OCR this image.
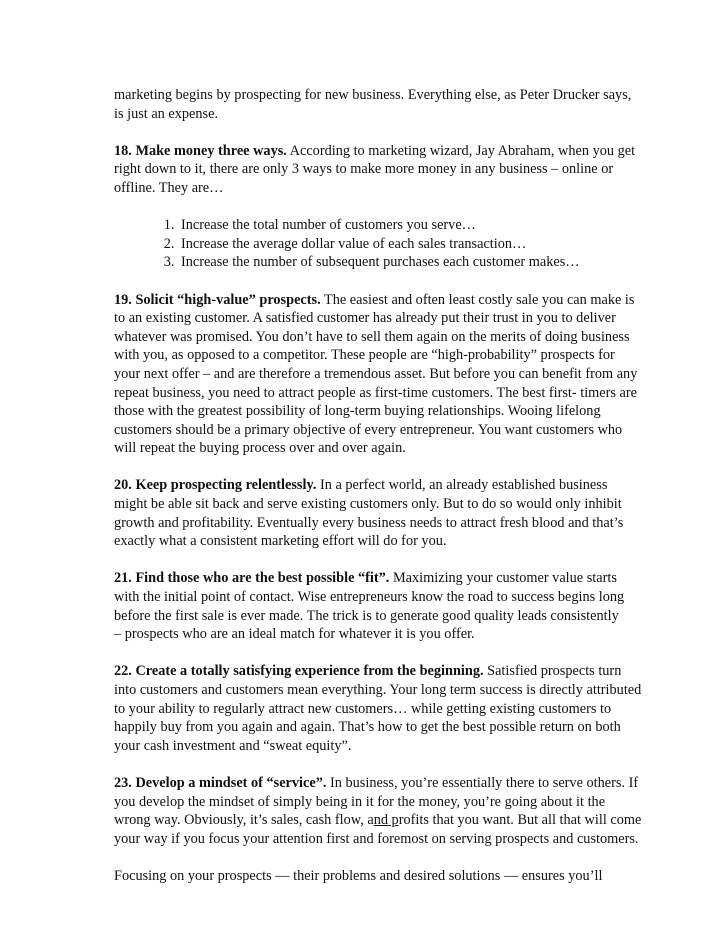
marketing begins by prospecting for new business. Everything else, as Peter Drucker says, is just an expense.

18. Make money three ways. According to marketing wizard, Jay Abraham, when you get right down to it, there are only 3 ways to make more money in any business – online or offline. They are…

1. Increase the total number of customers you serve…
2. Increase the average dollar value of each sales transaction…
3. Increase the number of subsequent purchases each customer makes…

19. Solicit “high-value” prospects. The easiest and often least costly sale you can make is to an existing customer. A satisfied customer has already put their trust in you to deliver whatever was promised. You don’t have to sell them again on the merits of doing business with you, as opposed to a competitor. These people are “high-probability” prospects for your next offer – and are therefore a tremendous asset. But before you can benefit from any repeat business, you need to attract people as first-time customers. The best first- timers are those with the greatest possibility of long-term buying relationships. Wooing lifelong customers should be a primary objective of every entrepreneur. You want customers who will repeat the buying process over and over again.

20. Keep prospecting relentlessly. In a perfect world, an already established business might be able sit back and serve existing customers only. But to do so would only inhibit growth and profitability. Eventually every business needs to attract fresh blood and that’s exactly what a consistent marketing effort will do for you.

21. Find those who are the best possible “fit”. Maximizing your customer value starts with the initial point of contact. Wise entrepreneurs know the road to success begins long before the first sale is ever made. The trick is to generate good quality leads consistently
– prospects who are an ideal match for whatever it is you offer.

22. Create a totally satisfying experience from the beginning. Satisfied prospects turn into customers and customers mean everything. Your long term success is directly attributed to your ability to regularly attract new customers… while getting existing customers to happily buy from you again and again. That’s how to get the best possible return on both your cash investment and “sweat equity”.

23. Develop a mindset of “service”. In business, you’re essentially there to serve others. If you develop the mindset of simply being in it for the money, you’re going about it the wrong way. Obviously, it’s sales, cash flow, and profits that you want. But all that will come your way if you focus your attention first and foremost on serving prospects and customers.

Focusing on your prospects — their problems and desired solutions — ensures you’ll
